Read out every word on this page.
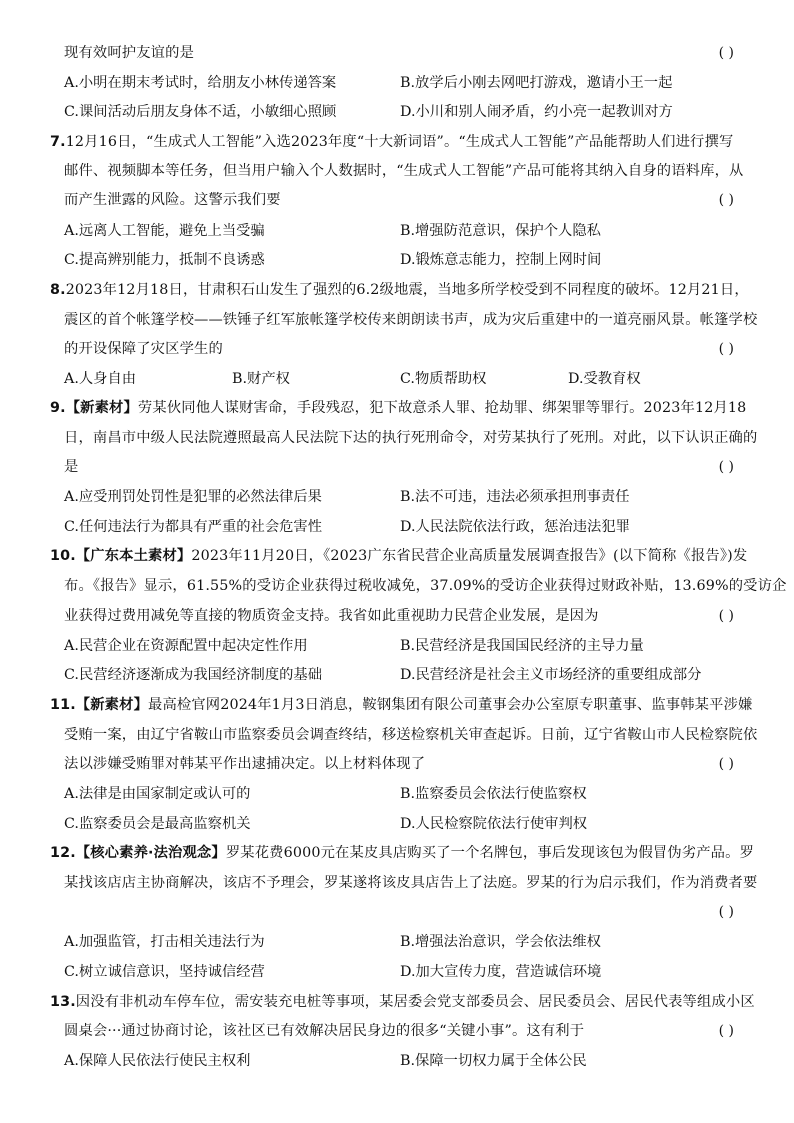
现有效呵护友谊的是	( )
A.小明在期末考试时，给朋友小林传递答案	B.放学后小刚去网吧打游戏，邀请小王一起
C.课间活动后朋友身体不适，小敏细心照顾	D.小川和别人闹矛盾，约小亮一起教训对方
7.12月16日，“生成式人工智能”入选2023年度“十大新词语”。“生成式人工智能”产品能帮助人们进行撰写
邮件、视频脚本等任务，但当用户输入个人数据时，“生成式人工智能”产品可能将其纳入自身的语料库，从
而产生泄露的风险。这警示我们要	( )
A.远离人工智能，避免上当受骗	B.增强防范意识，保护个人隐私
C.提高辨别能力，抵制不良诱惑	D.锻炼意志能力，控制上网时间
8.2023年12月18日，甘肃积石山发生了强烈的6.2级地震，当地多所学校受到不同程度的破坏。12月21日，
震区的首个帐篷学校——铁锤子红军旅帐篷学校传来朗朗读书声，成为灾后重建中的一道亮丽风景。帐篷学校
的开设保障了灾区学生的	( )
A.人身自由	B.财产权	C.物质帮助权	D.受教育权
9.【新素材】劳某伙同他人谋财害命，手段残忍，犯下故意杀人罪、抢劫罪、绑架罪等罪行。2023年12月18
日，南昌市中级人民法院遵照最高人民法院下达的执行死刑命令，对劳某执行了死刑。对此，以下认识正确的
是	( )
A.应受刑罚处罚性是犯罪的必然法律后果	B.法不可违，违法必须承担刑事责任
C.任何违法行为都具有严重的社会危害性	D.人民法院依法行政，惩治违法犯罪
10.【广东本土素材】2023年11月20日，《2023广东省民营企业高质量发展调查报告》(以下简称《报告》)发
布。《报告》显示，61.55%的受访企业获得过税收减免，37.09%的受访企业获得过财政补贴，13.69%的受访企
业获得过费用减免等直接的物质资金支持。我省如此重视助力民营企业发展，是因为	( )
A.民营企业在资源配置中起决定性作用	B.民营经济是我国国民经济的主导力量
C.民营经济逐渐成为我国经济制度的基础	D.民营经济是社会主义市场经济的重要组成部分
11.【新素材】最高检官网2024年1月3日消息，鞍钢集团有限公司董事会办公室原专职董事、监事韩某平涉嫌
受贿一案，由辽宁省鞍山市监察委员会调查终结，移送检察机关审查起诉。日前，辽宁省鞍山市人民检察院依
法以涉嫌受贿罪对韩某平作出逮捕决定。以上材料体现了	( )
A.法律是由国家制定或认可的	B.监察委员会依法行使监察权
C.监察委员会是最高监察机关	D.人民检察院依法行使审判权
12.【核心素养·法治观念】罗某花费6000元在某皮具店购买了一个名牌包，事后发现该包为假冒伪劣产品。罗
某找该店店主协商解决，该店不予理会，罗某遂将该皮具店告上了法庭。罗某的行为启示我们，作为消费者要
( )
A.加强监管，打击相关违法行为	B.增强法治意识，学会依法维权
C.树立诚信意识，坚持诚信经营	D.加大宣传力度，营造诚信环境
13.因没有非机动车停车位，需安装充电桩等事项，某居委会党支部委员会、居民委员会、居民代表等组成小区
圆桌会···通过协商讨论，该社区已有效解决居民身边的很多“关键小事”。这有利于	( )
A.保障人民依法行使民主权利	B.保障一切权力属于全体公民
